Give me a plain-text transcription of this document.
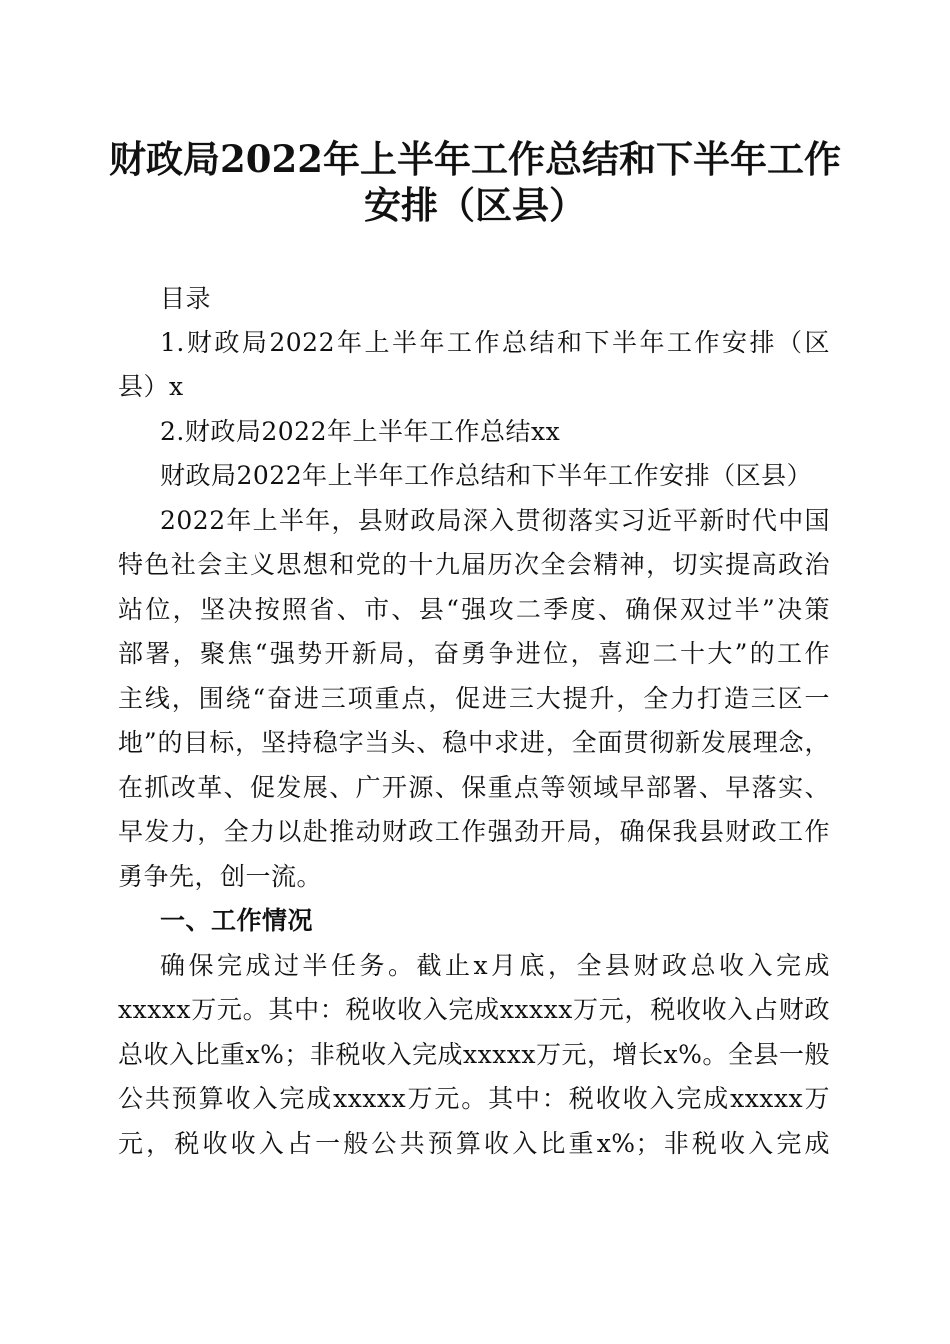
财政局2022年上半年工作总结和下半年工作
安排（区县）
目录
1.财政局2022年上半年工作总结和下半年工作安排（区
县）x
2.财政局2022年上半年工作总结xx
财政局2022年上半年工作总结和下半年工作安排（区县）
2022年上半年，县财政局深入贯彻落实习近平新时代中国
特色社会主义思想和党的十九届历次全会精神，切实提高政治
站位，坚决按照省、市、县“强攻二季度、确保双过半”决策
部署，聚焦“强势开新局，奋勇争进位，喜迎二十大”的工作
主线，围绕“奋进三项重点，促进三大提升，全力打造三区一
地”的目标，坚持稳字当头、稳中求进，全面贯彻新发展理念，
在抓改革、促发展、广开源、保重点等领域早部署、早落实、
早发力，全力以赴推动财政工作强劲开局，确保我县财政工作
勇争先，创一流。
一、工作情况
确保完成过半任务。截止x月底，全县财政总收入完成
xxxxx万元。其中：税收收入完成xxxxx万元，税收收入占财政
总收入比重x%；非税收入完成xxxxx万元，增长x%。全县一般
公共预算收入完成xxxxx万元。其中：税收收入完成xxxxx万
元，税收收入占一般公共预算收入比重x%；非税收入完成
